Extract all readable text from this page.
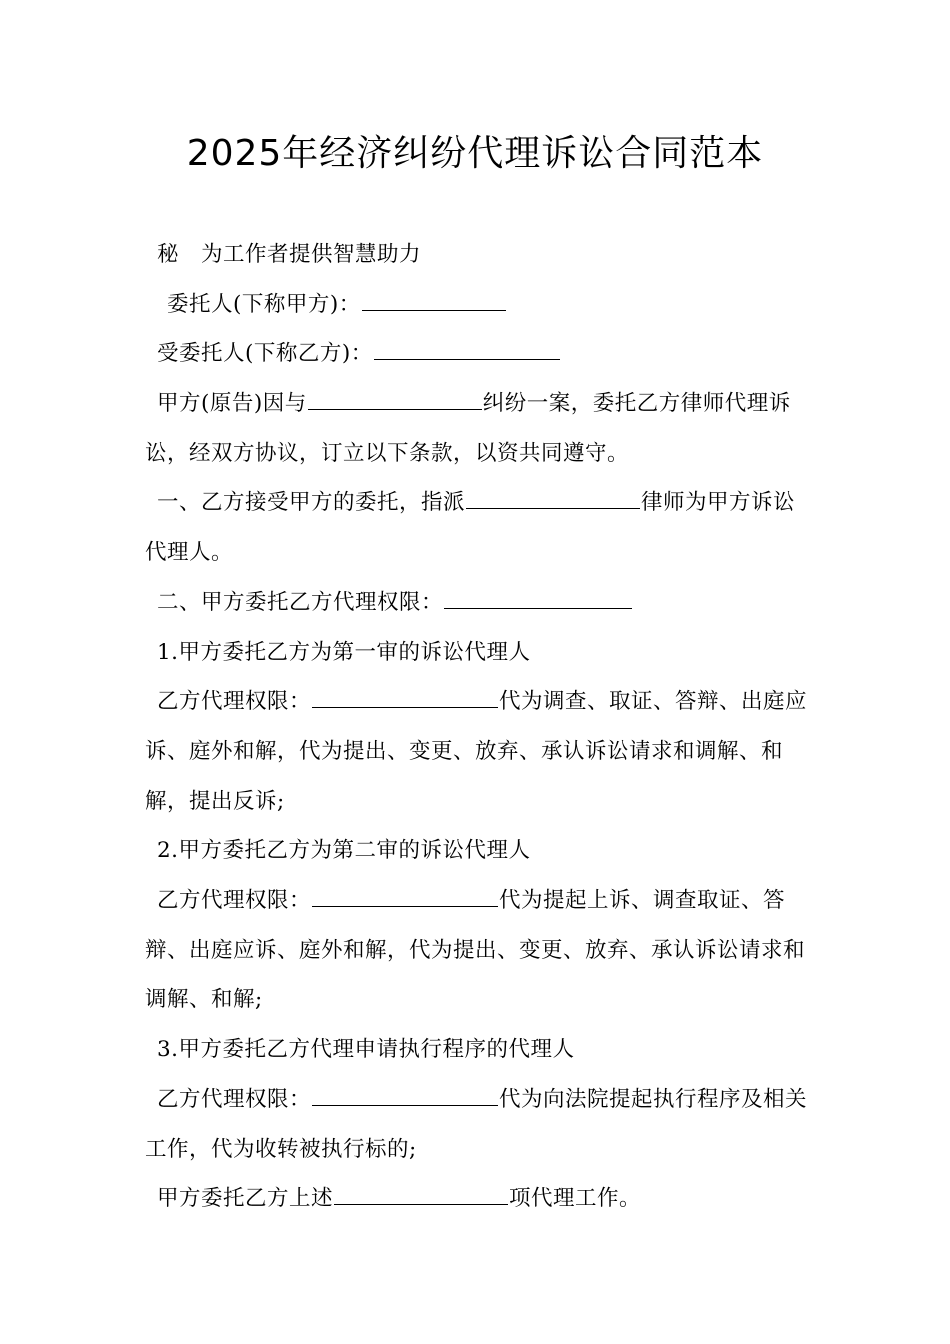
2025年经济纠纷代理诉讼合同范本
秘 为工作者提供智慧助力
委托人(下称甲方)：
受委托人(下称乙方)：
甲方(原告)因与	纠纷一案，委托乙方律师代理诉讼，经双方协议，订立以下条款，以资共同遵守。
一、乙方接受甲方的委托，指派	律师为甲方诉讼代理人。
二、甲方委托乙方代理权限：
1.甲方委托乙方为第一审的诉讼代理人
乙方代理权限：	代为调查、取证、答辩、出庭应诉、庭外和解，代为提出、变更、放弃、承认诉讼请求和调解、和解，提出反诉;
2.甲方委托乙方为第二审的诉讼代理人
乙方代理权限：	代为提起上诉、调查取证、答辩、出庭应诉、庭外和解，代为提出、变更、放弃、承认诉讼请求和调解、和解;
3.甲方委托乙方代理申请执行程序的代理人
乙方代理权限：	代为向法院提起执行程序及相关工作，代为收转被执行标的;
甲方委托乙方上述	项代理工作。
